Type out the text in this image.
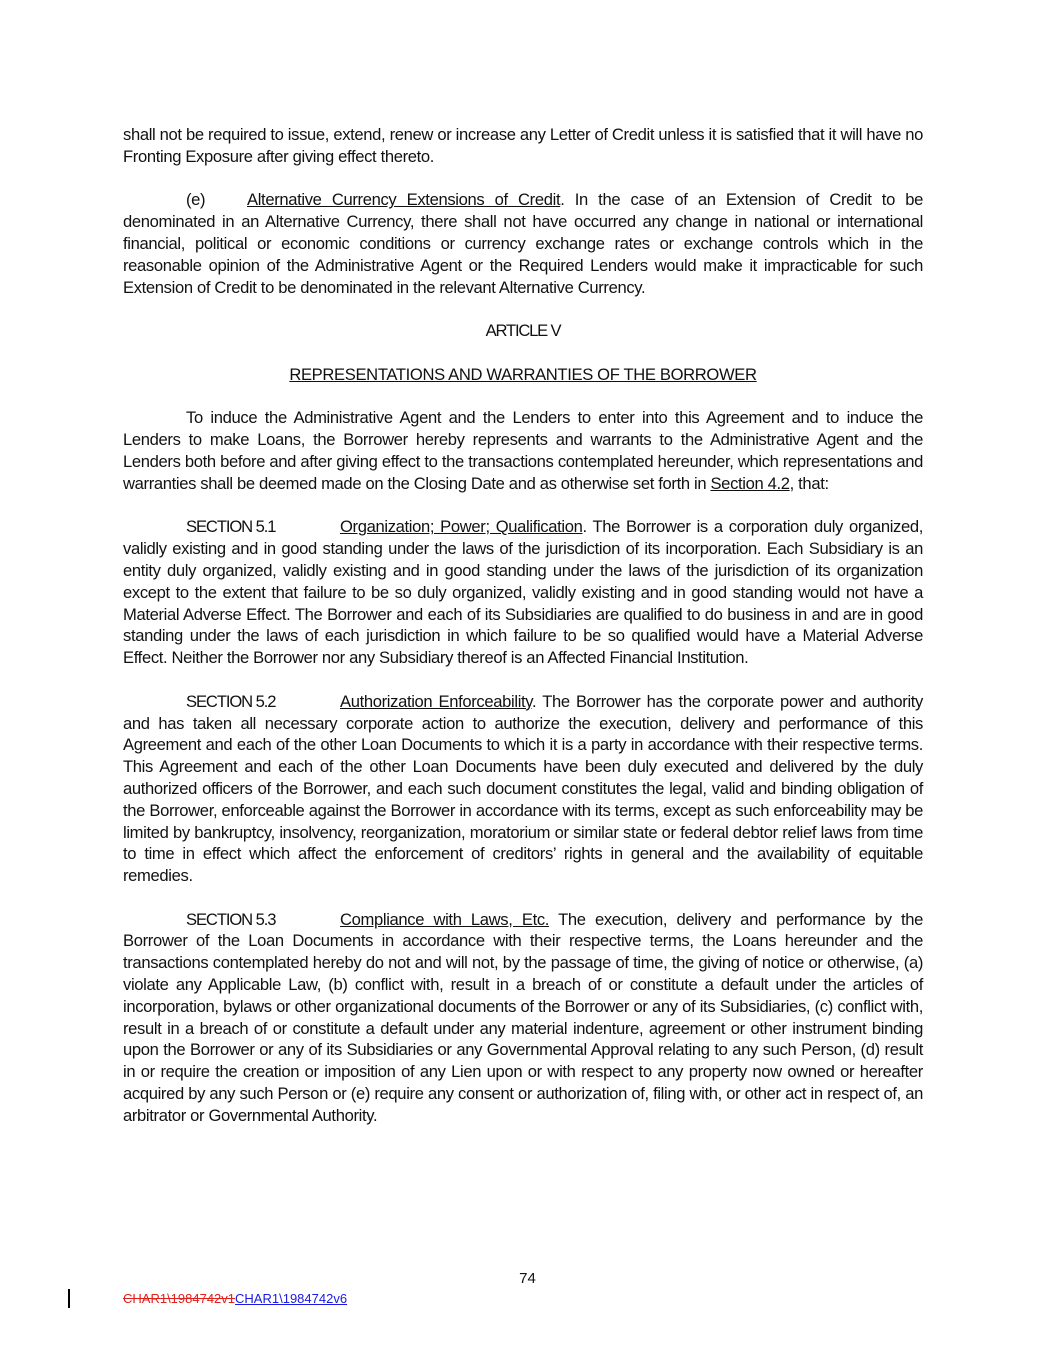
shall not be required to issue, extend, renew or increase any Letter of Credit unless it is satisfied that it will have no Fronting Exposure after giving effect thereto.

(e)	Alternative Currency Extensions of Credit. In the case of an Extension of Credit to be denominated in an Alternative Currency, there shall not have occurred any change in national or international financial, political or economic conditions or currency exchange rates or exchange controls which in the reasonable opinion of the Administrative Agent or the Required Lenders would make it impracticable for such Extension of Credit to be denominated in the relevant Alternative Currency.

ARTICLE V

REPRESENTATIONS AND WARRANTIES OF THE BORROWER

To induce the Administrative Agent and the Lenders to enter into this Agreement and to induce the Lenders to make Loans, the Borrower hereby represents and warrants to the Administrative Agent and the Lenders both before and after giving effect to the transactions contemplated hereunder, which representations and warranties shall be deemed made on the Closing Date and as otherwise set forth in Section 4.2, that:

SECTION 5.1	Organization; Power; Qualification. The Borrower is a corporation duly organized, validly existing and in good standing under the laws of the jurisdiction of its incorporation. Each Subsidiary is an entity duly organized, validly existing and in good standing under the laws of the jurisdiction of its organization except to the extent that failure to be so duly organized, validly existing and in good standing would not have a Material Adverse Effect. The Borrower and each of its Subsidiaries are qualified to do business in and are in good standing under the laws of each jurisdiction in which failure to be so qualified would have a Material Adverse Effect. Neither the Borrower nor any Subsidiary thereof is an Affected Financial Institution.

SECTION 5.2	Authorization Enforceability. The Borrower has the corporate power and authority and has taken all necessary corporate action to authorize the execution, delivery and performance of this Agreement and each of the other Loan Documents to which it is a party in accordance with their respective terms. This Agreement and each of the other Loan Documents have been duly executed and delivered by the duly authorized officers of the Borrower, and each such document constitutes the legal, valid and binding obligation of the Borrower, enforceable against the Borrower in accordance with its terms, except as such enforceability may be limited by bankruptcy, insolvency, reorganization, moratorium or similar state or federal debtor relief laws from time to time in effect which affect the enforcement of creditors’ rights in general and the availability of equitable remedies.

SECTION 5.3	Compliance with Laws, Etc. The execution, delivery and performance by the Borrower of the Loan Documents in accordance with their respective terms, the Loans hereunder and the transactions contemplated hereby do not and will not, by the passage of time, the giving of notice or otherwise, (a) violate any Applicable Law, (b) conflict with, result in a breach of or constitute a default under the articles of incorporation, bylaws or other organizational documents of the Borrower or any of its Subsidiaries, (c) conflict with, result in a breach of or constitute a default under any material indenture, agreement or other instrument binding upon the Borrower or any of its Subsidiaries or any Governmental Approval relating to any such Person, (d) result in or require the creation or imposition of any Lien upon or with respect to any property now owned or hereafter acquired by any such Person or (e) require any consent or authorization of, filing with, or other act in respect of, an arbitrator or Governmental Authority.

74
CHAR1\1984742v1CHAR1\1984742v6
